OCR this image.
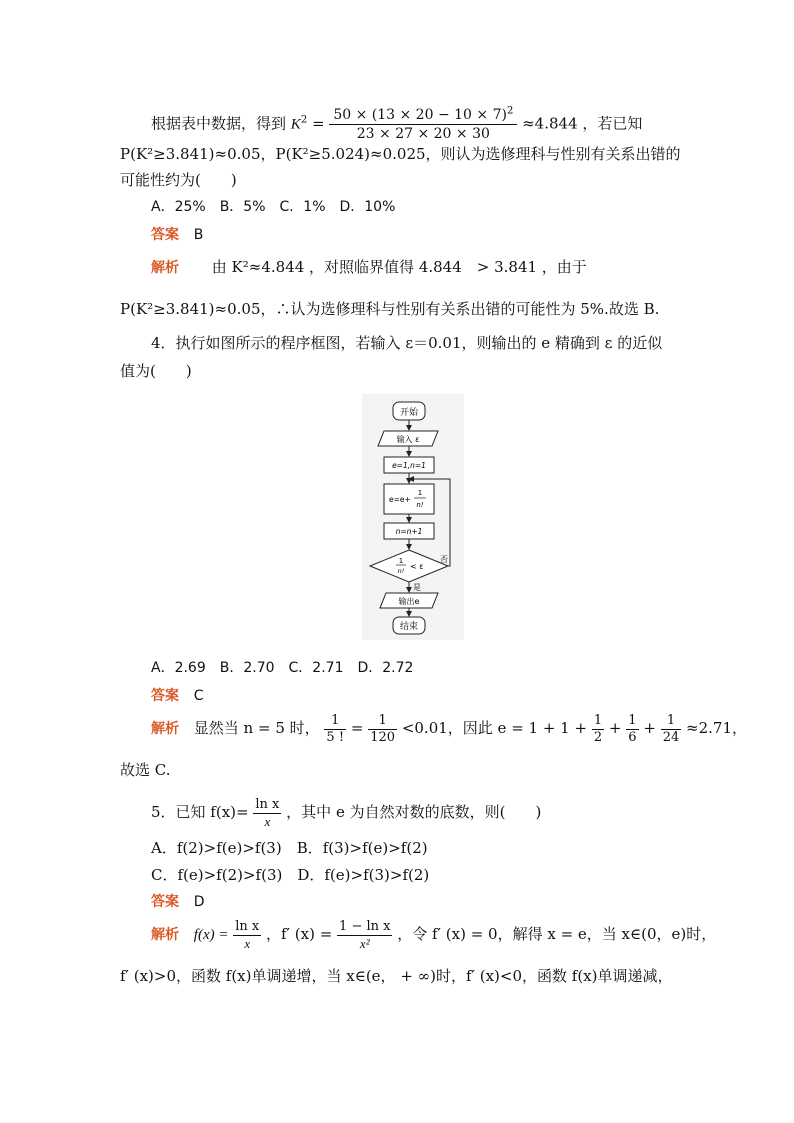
根据表中数据，得到 $K^2 = \frac{50 \times (13 \times 20 - 10 \times 7)^2}{23 \times 27 \times 20 \times 30} \approx 4.844$ ，若已知
P(K²≥3.841)≈0.05，P(K²≥5.024)≈0.025，则认为选修理科与性别有关系出错的
可能性约为(　　)
A．25%　B．5%　C．1%　D．10%
答案 B
解析 由 K²≈4.844 ，对照临界值得 4.844　> 3.841 ，由于
P(K²≥3.841)≈0.05，∴认为选修理科与性别有关系出错的可能性为 5%.故选 B.
4．执行如图所示的程序框图，若输入 ε＝0.01，则输出的 e 精确到 ε 的近似
值为(　　)
开始
输入 ε
e=1,n=1
e=e+
1
n!
n=n+1
1
n! < ε
否
是
输出e
结束
A．2.69　B．2.70　C．2.71　D．2.72
答案 C
解析 显然当 n = 5 时， $\frac{1}{5 !} = \frac{1}{120} <0.01$，因此 $e = 1 + 1 + \frac{1}{2} + \frac{1}{6} + \frac{1}{24} \approx 2.71$，
故选 C.
5．已知 $f(x)= \frac{\text{ln x}}{x}$ ，其中 e 为自然对数的底数，则(　　)
A．f(2)>f(e)>f(3)　B．f(3)>f(e)>f(2)
C．f(e)>f(2)>f(3)　D．f(e)>f(3)>f(2)
答案 D
解析 $f(x) = \frac{\text{ln x}}{x}$ ，f′ $(x) = \frac{\text{1 − ln x}}{\text{x²}}$ ，令 f′ (x) = 0，解得 x = e，当 x∈(0，e)时，
f′ (x)>0，函数 f(x)单调递增，当 x∈(e， + ∞)时，f′ (x)<0，函数 f(x)单调递减，
